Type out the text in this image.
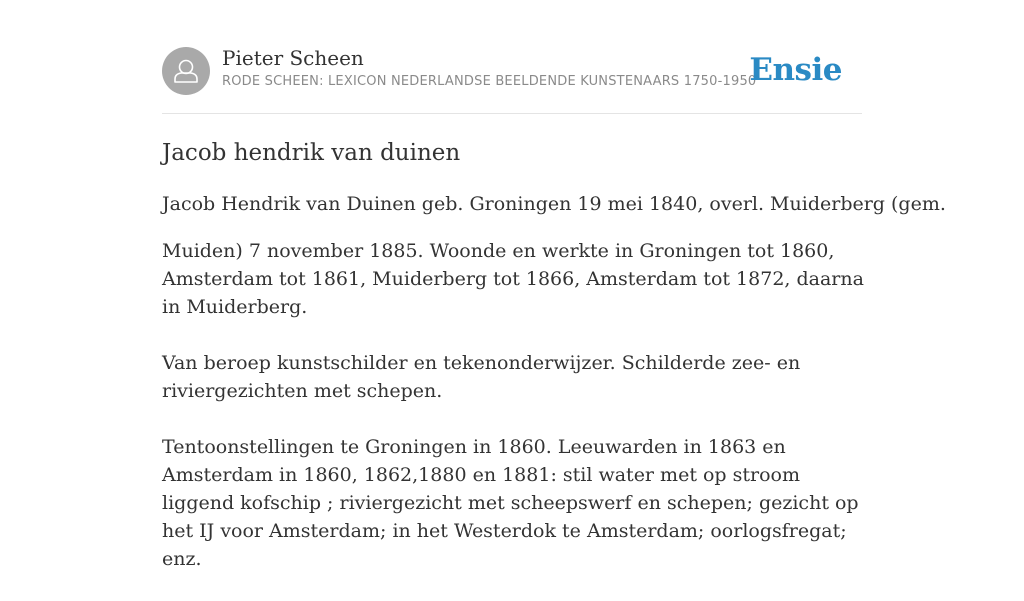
Pieter Scheen
RODE SCHEEN: LEXICON NEDERLANDSE BEELDENDE KUNSTENAARS 1750-1950
Ensie
Jacob hendrik van duinen

Jacob Hendrik van Duinen geb. Groningen 19 mei 1840, overl. Muiderberg (gem.

Muiden) 7 november 1885. Woonde en werkte in Groningen tot 1860, Amsterdam tot 1861, Muiderberg tot 1866, Amsterdam tot 1872, daarna in Muiderberg.

Van beroep kunstschilder en tekenonderwijzer. Schilderde zee- en riviergezichten met schepen.

Tentoonstellingen te Groningen in 1860. Leeuwarden in 1863 en Amsterdam in 1860, 1862,1880 en 1881: stil water met op stroom liggend kofschip ; riviergezicht met scheepswerf en schepen; gezicht op het IJ voor Amsterdam; in het Westerdok te Amsterdam; oorlogsfregat; enz.
